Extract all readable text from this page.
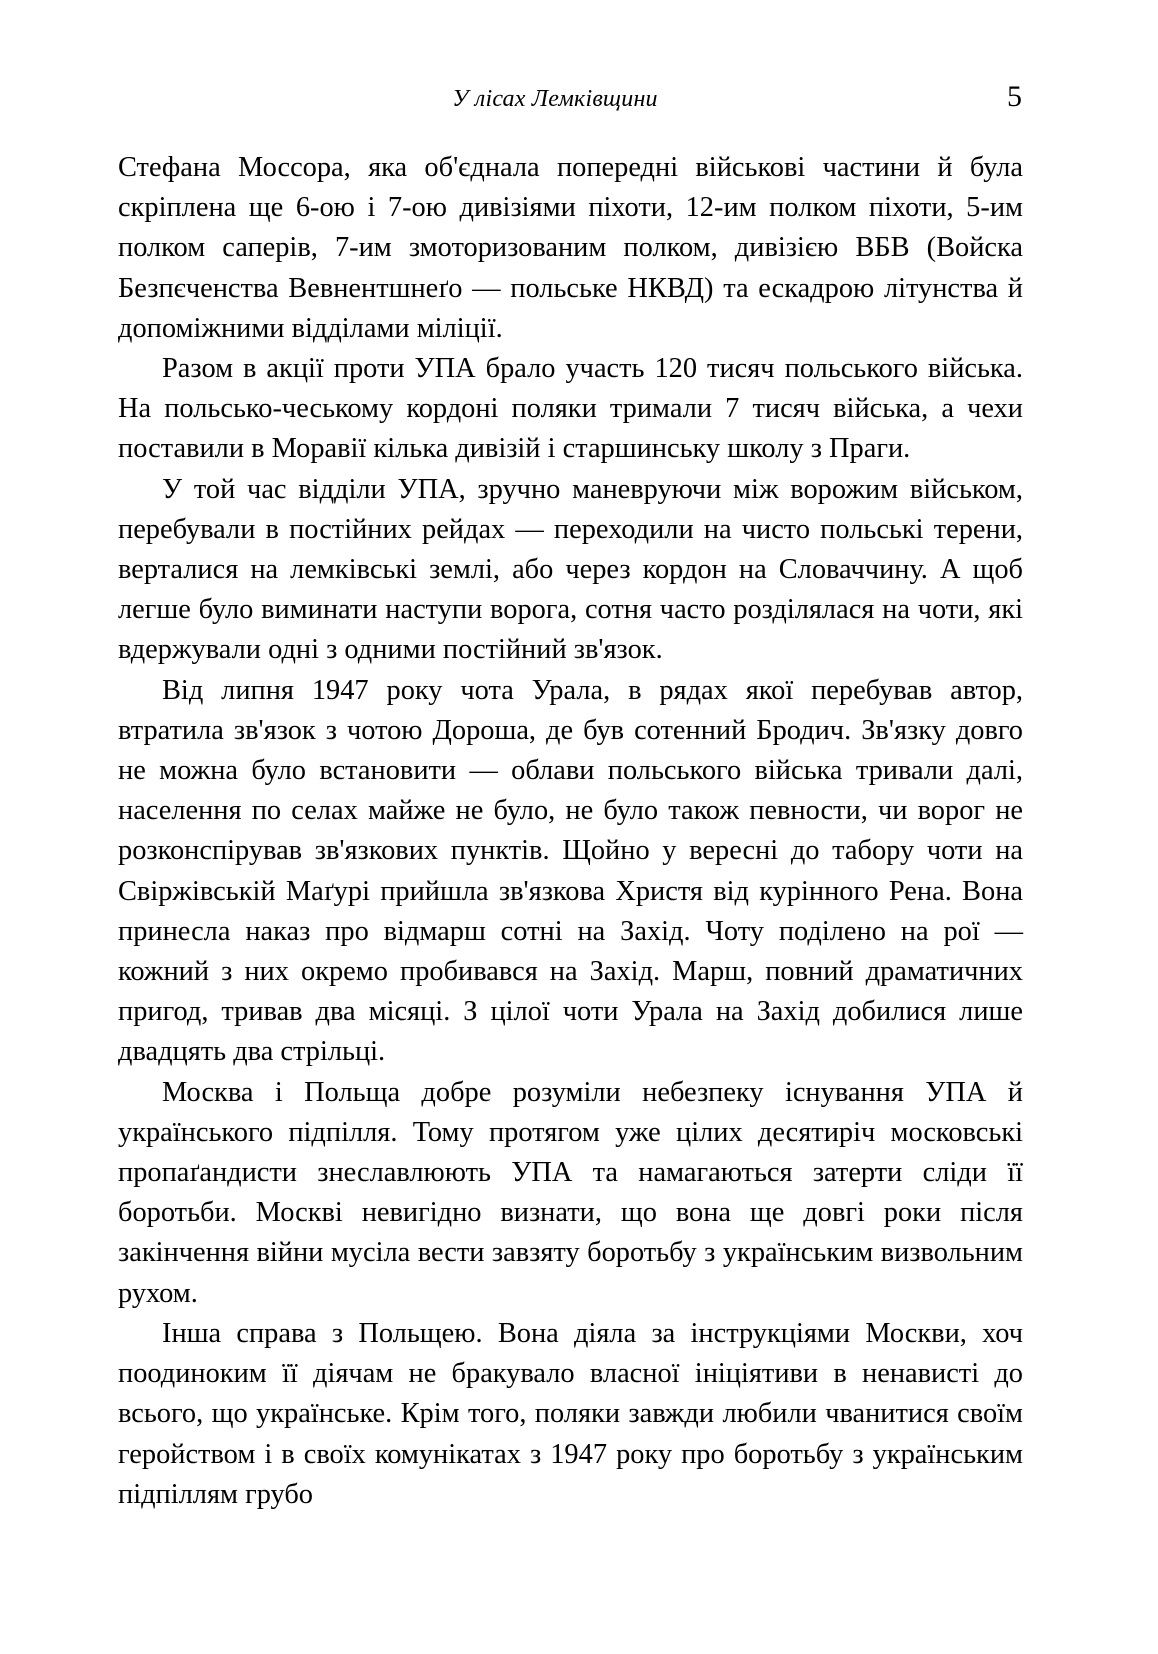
У лісах Лемківщини	5

Стефана Моссора, яка об'єднала попередні військові частини й була скріплена ще 6-ою і 7-ою дивізіями піхоти, 12-им полком піхоти, 5-им полком саперів, 7-им змоторизованим полком, дивізією ВБВ (Войска Безпєченства Вевнентшнеґо — польське НКВД) та ескадрою літунства й допоміжними відділами міліції.

Разом в акції проти УПА брало участь 120 тисяч польського війська. На польсько-чеському кордоні поляки тримали 7 тисяч війська, а чехи поставили в Моравії кілька дивізій і старшинську школу з Праги.

У той час відділи УПА, зручно маневруючи між ворожим військом, перебували в постійних рейдах — переходили на чисто польські терени, верталися на лемківські землі, або через кордон на Словаччину. А щоб легше було виминати наступи ворога, сотня часто розділялася на чоти, які вдержували одні з одними постійний зв'язок.

Від липня 1947 року чота Урала, в рядах якої перебував автор, втратила зв'язок з чотою Дороша, де був сотенний Бродич. Зв'язку довго не можна було встановити — облави польського війська тривали далі, населення по селах майже не було, не було також певности, чи ворог не розконспірував зв'язкових пунктів. Щойно у вересні до табору чоти на Свіржівській Маґурі прийшла зв'язкова Христя від курінного Рена. Вона принесла наказ про відмарш сотні на Захід. Чоту поділено на рої — кожний з них окремо пробивався на Захід. Марш, повний драматичних пригод, тривав два місяці. З цілої чоти Урала на Захід добилися лише двадцять два стрільці.

Москва і Польща добре розуміли небезпеку існування УПА й українського підпілля. Тому протягом уже цілих десятиріч московські пропаґандисти знеславлюють УПА та намагаються затерти сліди її боротьби. Москві невигідно визнати, що вона ще довгі роки після закінчення війни мусіла вести завзяту боротьбу з українським визвольним рухом.

Інша справа з Польщею. Вона діяла за інструкціями Москви, хоч поодиноким її діячам не бракувало власної ініціятиви в ненависті до всього, що українське. Крім того, поляки завжди любили чванитися своїм геройством і в своїх комунікатах з 1947 року про боротьбу з українським підпіллям грубо
